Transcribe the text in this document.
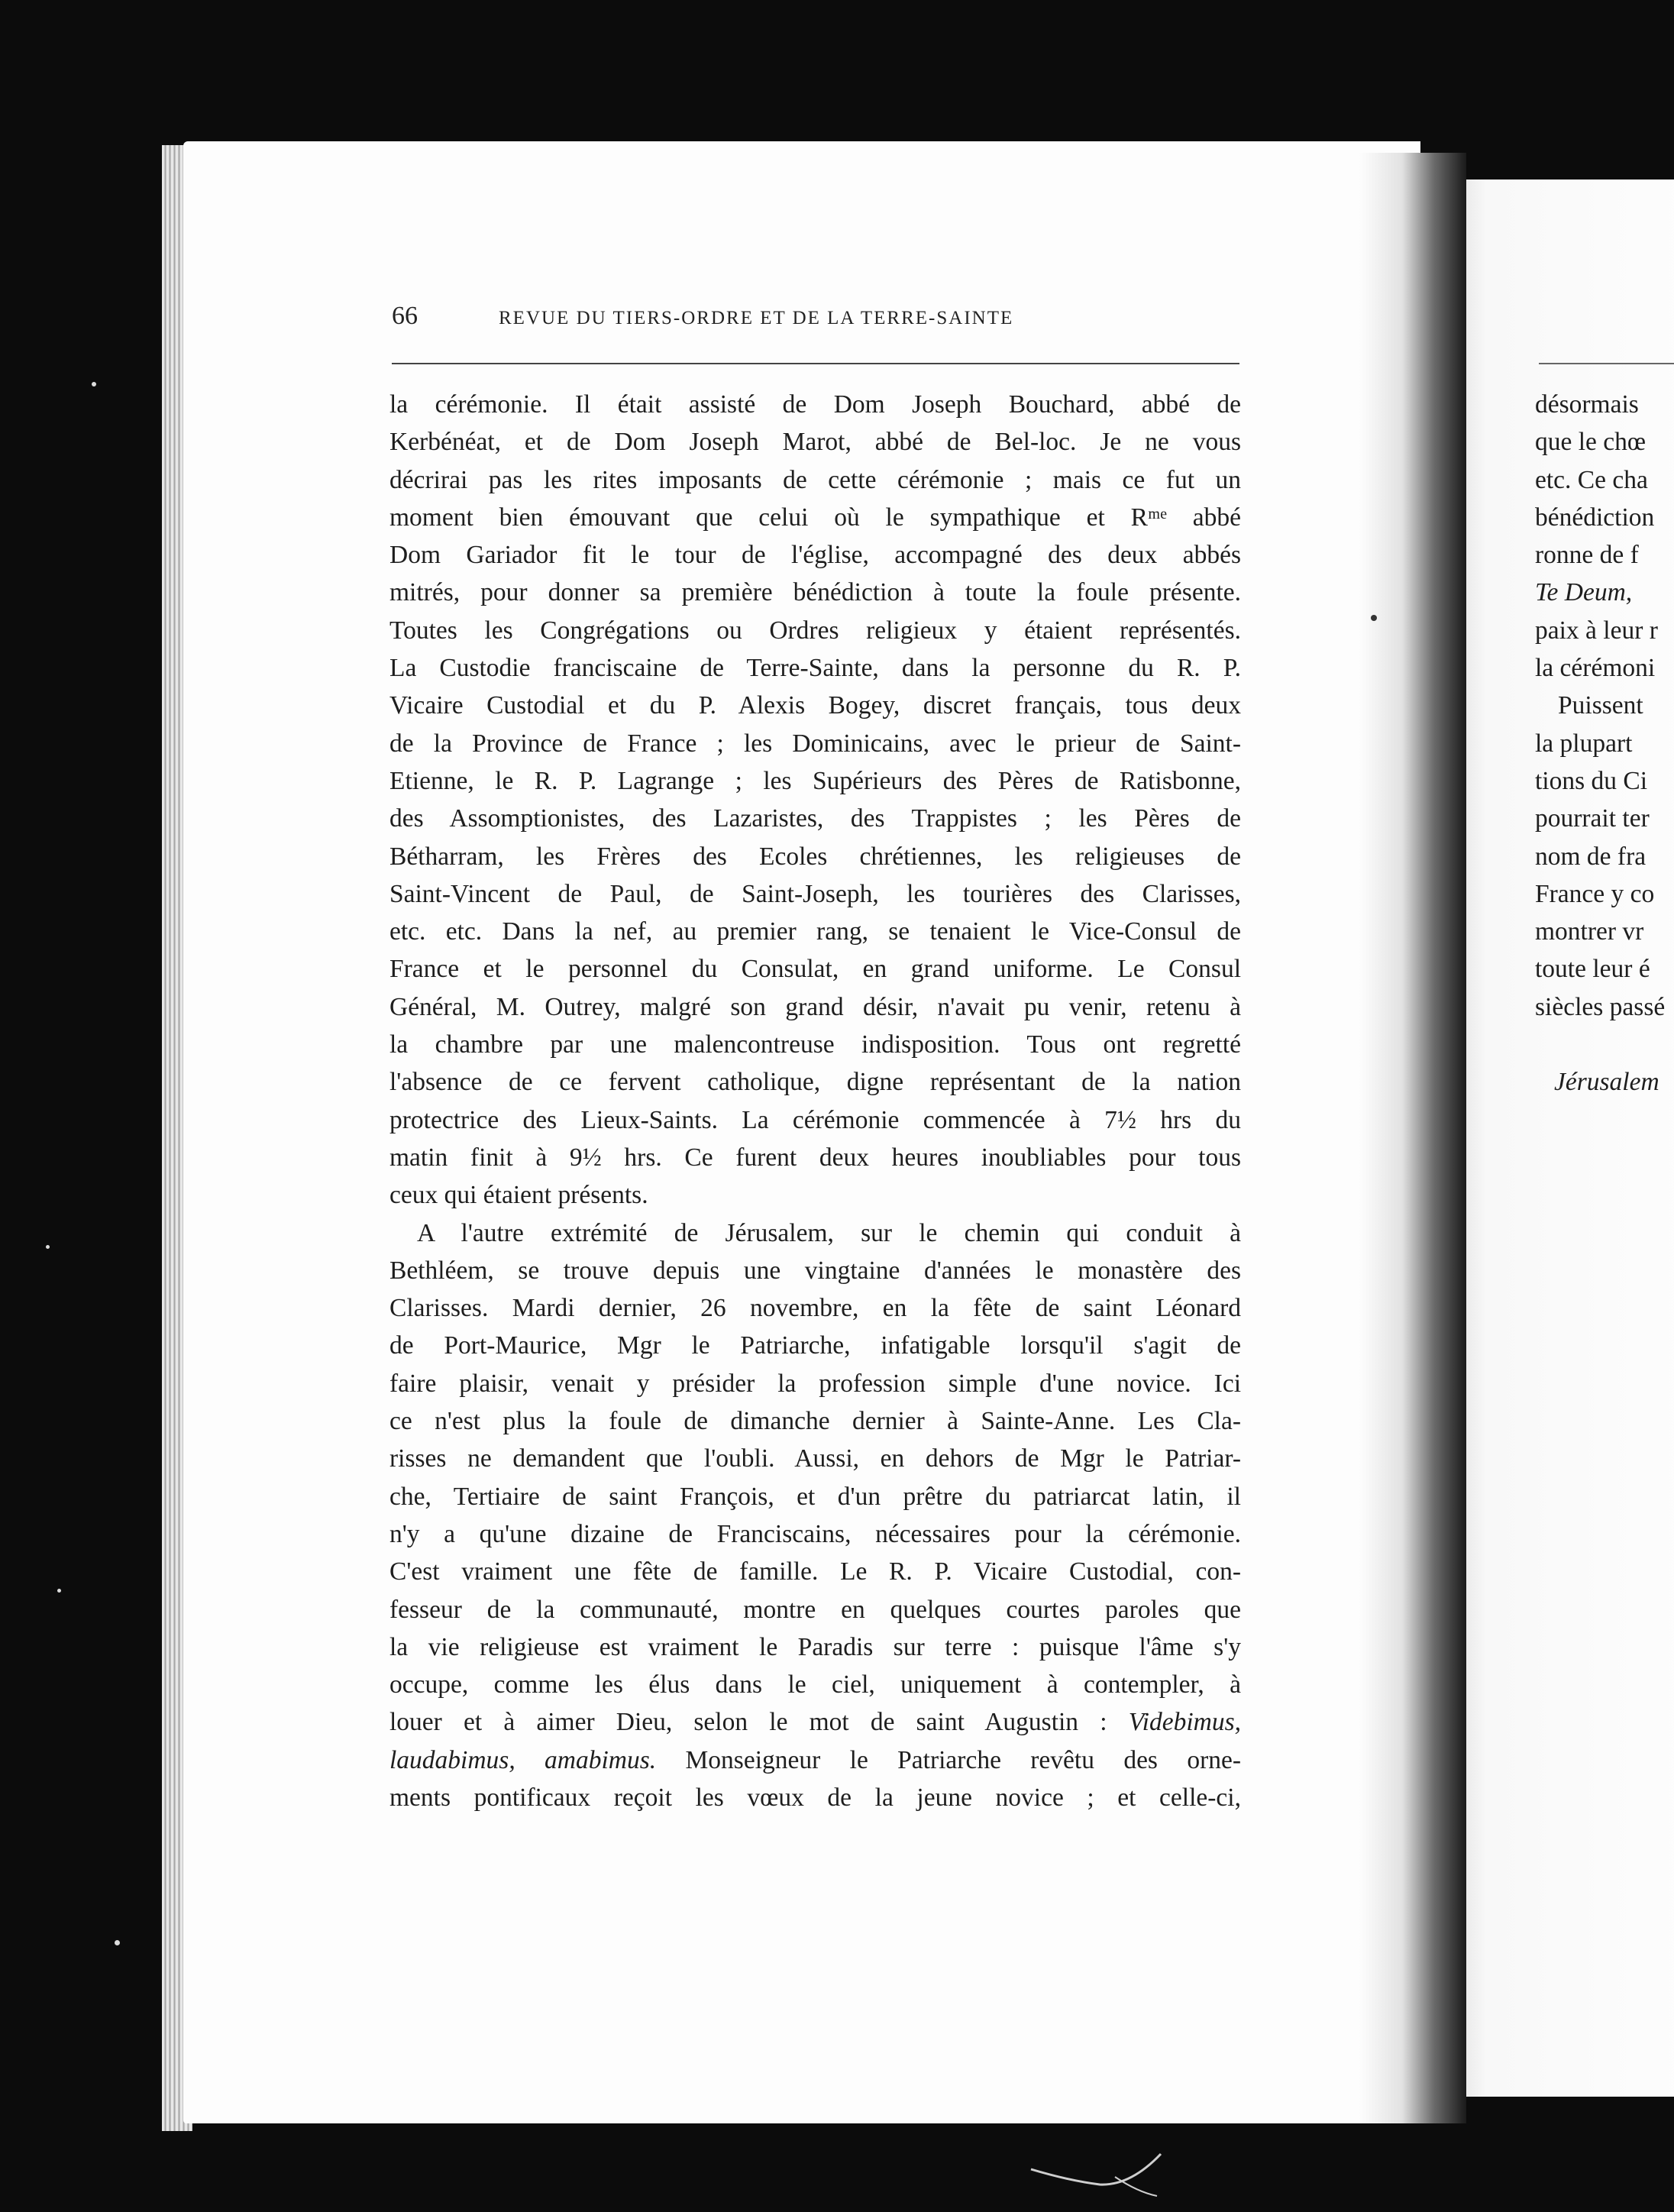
66	REVUE DU TIERS-ORDRE ET DE LA TERRE-SAINTE
la cérémonie. Il était assisté de Dom Joseph Bouchard, abbé de
Kerbénéat, et de Dom Joseph Marot, abbé de Bel-loc. Je ne vous
décrirai pas les rites imposants de cette cérémonie ; mais ce fut un
moment bien émouvant que celui où le sympathique et Rᵐᵉ abbé
Dom Gariador fit le tour de l'église, accompagné des deux abbés
mitrés, pour donner sa première bénédiction à toute la foule présente.
Toutes les Congrégations ou Ordres religieux y étaient représentés.
La Custodie franciscaine de Terre-Sainte, dans la personne du R. P.
Vicaire Custodial et du P. Alexis Bogey, discret français, tous deux
de la Province de France ; les Dominicains, avec le prieur de Saint-
Etienne, le R. P. Lagrange ; les Supérieurs des Pères de Ratisbonne,
des Assomptionistes, des Lazaristes, des Trappistes ; les Pères de
Bétharram, les Frères des Ecoles chrétiennes, les religieuses de
Saint-Vincent de Paul, de Saint-Joseph, les tourières des Clarisses,
etc. etc. Dans la nef, au premier rang, se tenaient le Vice-Consul de
France et le personnel du Consulat, en grand uniforme. Le Consul
Général, M. Outrey, malgré son grand désir, n'avait pu venir, retenu à
la chambre par une malencontreuse indisposition. Tous ont regretté
l'absence de ce fervent catholique, digne représentant de la nation
protectrice des Lieux-Saints. La cérémonie commencée à 7½ hrs du
matin finit à 9½ hrs. Ce furent deux heures inoubliables pour tous
ceux qui étaient présents.
A l'autre extrémité de Jérusalem, sur le chemin qui conduit à
Bethléem, se trouve depuis une vingtaine d'années le monastère des
Clarisses. Mardi dernier, 26 novembre, en la fête de saint Léonard
de Port-Maurice, Mgr le Patriarche, infatigable lorsqu'il s'agit de
faire plaisir, venait y présider la profession simple d'une novice. Ici
ce n'est plus la foule de dimanche dernier à Sainte-Anne. Les Cla-
risses ne demandent que l'oubli. Aussi, en dehors de Mgr le Patriar-
che, Tertiaire de saint François, et d'un prêtre du patriarcat latin, il
n'y a qu'une dizaine de Franciscains, nécessaires pour la cérémonie.
C'est vraiment une fête de famille. Le R. P. Vicaire Custodial, con-
fesseur de la communauté, montre en quelques courtes paroles que
la vie religieuse est vraiment le Paradis sur terre : puisque l'âme s'y
occupe, comme les élus dans le ciel, uniquement à contempler, à
louer et à aimer Dieu, selon le mot de saint Augustin : Videbimus,
laudabimus, amabimus. Monseigneur le Patriarche revêtu des orne-
ments pontificaux reçoit les vœux de la jeune novice ; et celle-ci,
désormais
que le chœ
etc. Ce cha
bénédiction
ronne de f
Te Deum,
paix à leur r
la cérémoni
Puissent
la plupart
tions du Ci
pourrait ter
nom de fra
France y co
montrer vr
toute leur é
siècles passé
Jérusalem
